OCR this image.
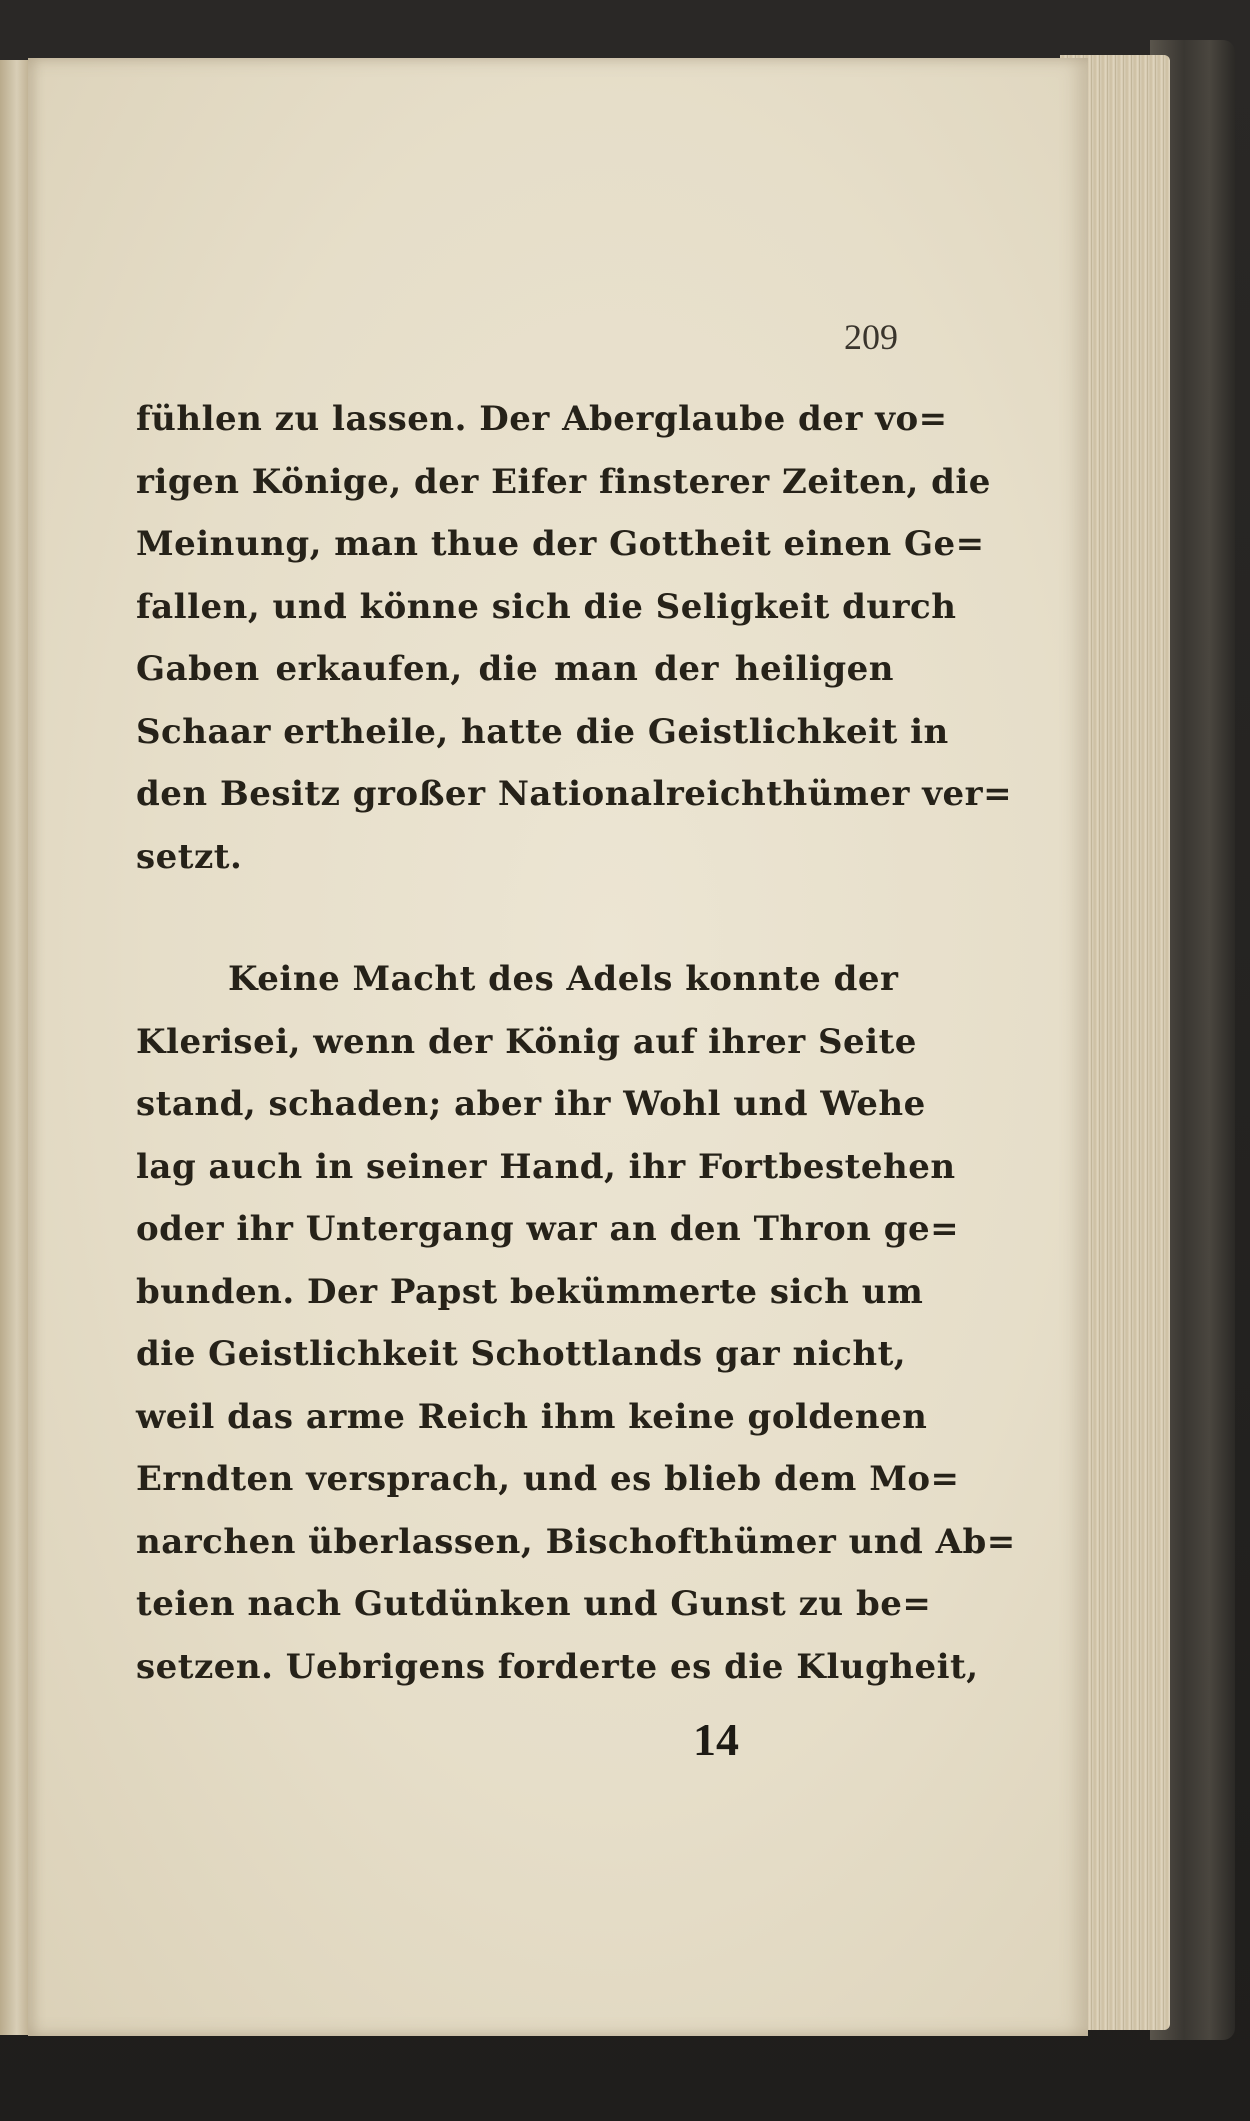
209
fühlen zu lassen. Der Aberglaube der vo=
rigen Könige, der Eifer finsterer Zeiten, die
Meinung, man thue der Gottheit einen Ge=
fallen, und könne sich die Seligkeit durch
Gaben erkaufen, die man der heiligen
Schaar ertheile, hatte die Geistlichkeit in
den Besitz großer Nationalreichthümer ver=
setzt.
Keine Macht des Adels konnte der
Klerisei, wenn der König auf ihrer Seite
stand, schaden; aber ihr Wohl und Wehe
lag auch in seiner Hand, ihr Fortbestehen
oder ihr Untergang war an den Thron ge=
bunden. Der Papst bekümmerte sich um
die Geistlichkeit Schottlands gar nicht,
weil das arme Reich ihm keine goldenen
Erndten versprach, und es blieb dem Mo=
narchen überlassen, Bischofthümer und Ab=
teien nach Gutdünken und Gunst zu be=
setzen. Uebrigens forderte es die Klugheit,
14
